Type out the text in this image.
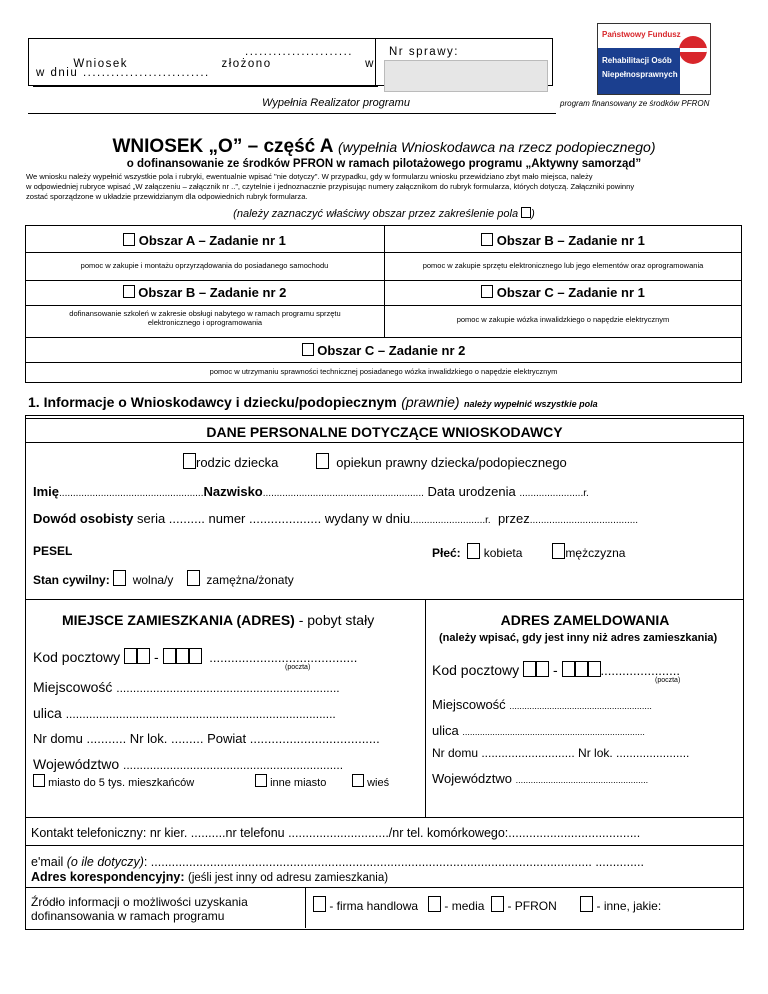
Wniosek     złożono     w

.......................
w dniu ...........................
Nr sprawy:
Wypełnia Realizator programu	program finansowany ze środków PFRON
Państwowy Fundusz
Rehabilitacji Osób
Niepełnosprawnych
WNIOSEK „O” – część A (wypełnia Wnioskodawca na rzecz podopiecznego)
o dofinansowanie ze środków PFRON w ramach pilotażowego programu „Aktywny samorząd”
We wniosku należy wypełnić wszystkie pola i rubryki, ewentualnie wpisać "nie dotyczy". W przypadku, gdy w formularzu wniosku przewidziano zbyt mało miejsca, należy
w odpowiedniej rubryce wpisać „W załączeniu – załącznik nr ..”, czytelnie i jednoznacznie przypisując numery załącznikom do rubryk formularza, których dotyczą. Załączniki powinny
zostać sporządzone w układzie przewidzianym dla odpowiednich rubryk formularza.
(należy zaznaczyć właściwy obszar przez zakreślenie pola )
Obszar A – Zadanie nr 1
pomoc w zakupie i montażu oprzyrządowania do posiadanego samochodu
Obszar B – Zadanie nr 1
pomoc w zakupie sprzętu elektronicznego lub jego elementów oraz oprogramowania
Obszar B – Zadanie nr 2
dofinansowanie szkoleń w zakresie obsługi nabytego w ramach programu sprzętu elektronicznego i oprogramowania
Obszar C – Zadanie nr 1
pomoc w zakupie wózka inwalidzkiego o napędzie elektrycznym
Obszar C – Zadanie nr 2
pomoc w utrzymaniu sprawności technicznej posiadanego wózka inwalidzkiego o napędzie elektrycznym
1. Informacje o Wnioskodawcy i dziecku/podopiecznym (prawnie) należy wypełnić wszystkie pola
DANE PERSONALNE DOTYCZĄCE WNIOSKODAWCY
rodzic dziecka	opiekun prawny dziecka/podopiecznego
Imię....................................................Nazwisko.......................................................... Data urodzenia .......................r.
Dowód osobisty seria .......... numer .................... wydany w dniu...........................r. przez.......................................
PESEL	Płeć: kobieta	mężczyzna
Stan cywilny: wolna/y	zamężna/żonaty
MIEJSCE ZAMIESZKANIA (ADRES) - pobyt stały
Kod pocztowy -	.........................................
(poczta)
Miejscowość ...................................................................
ulica .................................................................................
Nr domu ........... Nr lok. ......... Powiat ....................................
Województwo ..................................................................
miasto do 5 tys. mieszkańców	inne miasto	wieś
ADRES ZAMELDOWANIA
(należy wpisać, gdy jest inny niż adres zamieszkania)
Kod pocztowy -	......................
(poczta)
Miejscowość .........................................................
ulica .........................................................................
Nr domu ............................ Nr lok. ......................
Województwo .....................................................
Kontakt telefoniczny: nr kier. ..........nr telefonu ............................./nr tel. komórkowego:......................................
e'mail (o ile dotyczy): ............................................................................................................................... ..............
Adres korespondencyjny: (jeśli jest inny od adresu zamieszkania)
Źródło informacji o możliwości uzyskania
dofinansowania w ramach programu
- firma handlowa - media - PFRON	- inne, jakie:
